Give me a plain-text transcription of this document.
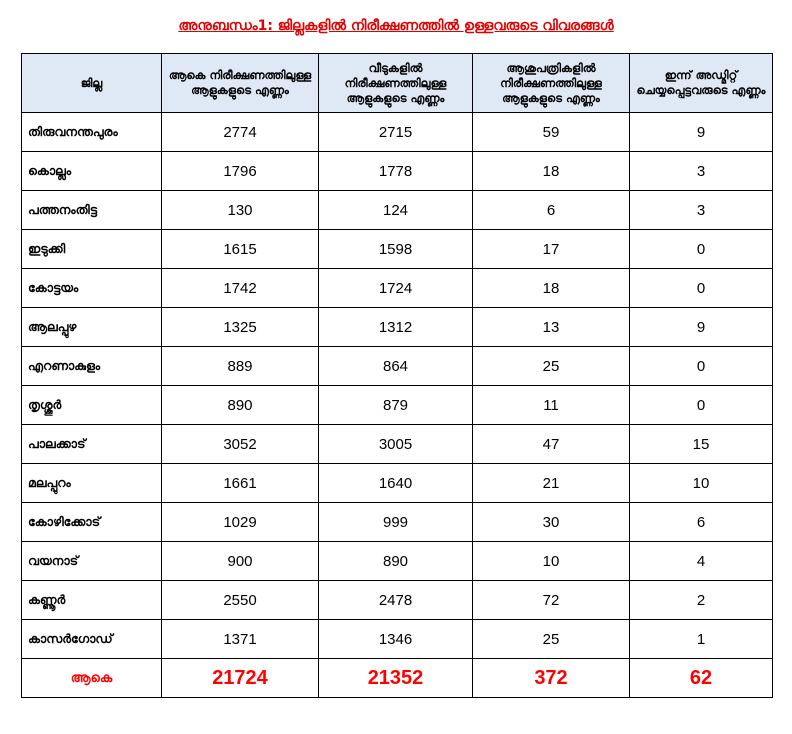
അനുബന്ധം1: ജില്ലകളിൽ നിരീക്ഷണത്തിൽ ഉള്ളവരുടെ വിവരങ്ങൾ
ജില്ല	ആകെ നിരീക്ഷണത്തിലുള്ള ആളുകളുടെ എണ്ണം	വീടുകളിൽ നിരീക്ഷണത്തിലുള്ള ആളുകളുടെ എണ്ണം	ആശുപത്രികളിൽ നിരീക്ഷണത്തിലുള്ള ആളുകളുടെ എണ്ണം	ഇന്ന് അഡ്മിറ്റ് ചെയ്യപ്പെട്ടവരുടെ എണ്ണം
തിരുവനന്തപുരം	2774	2715	59	9
കൊല്ലം	1796	1778	18	3
പത്തനംതിട്ട	130	124	6	3
ഇടുക്കി	1615	1598	17	0
കോട്ടയം	1742	1724	18	0
ആലപ്പുഴ	1325	1312	13	9
എറണാകുളം	889	864	25	0
തൃശ്ശൂർ	890	879	11	0
പാലക്കാട്	3052	3005	47	15
മലപ്പുറം	1661	1640	21	10
കോഴിക്കോട്	1029	999	30	6
വയനാട്	900	890	10	4
കണ്ണൂർ	2550	2478	72	2
കാസർഗോഡ്	1371	1346	25	1
ആകെ	21724	21352	372	62
